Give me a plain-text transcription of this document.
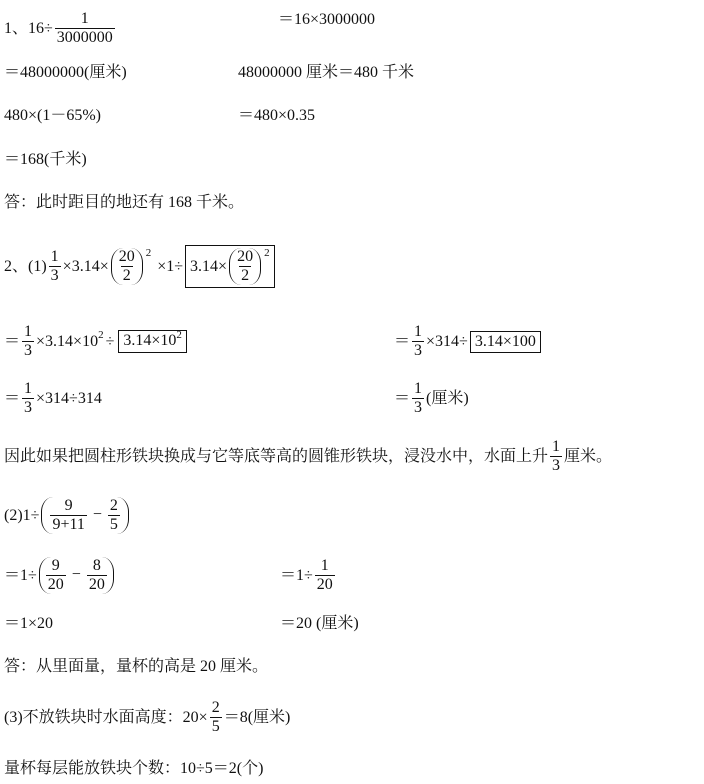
1、$16\div \frac{1}{3000000}$	＝16×3000000
＝48000000(厘米)	48000000 厘米＝480 千米
480×(1－65%)	＝480×0.35
＝168(千米)
答：此时距目的地还有 168 千米。
2、$(1) \frac{1}{3} \times 3.14 \times \frac{20}{2} 2$
$\times 1\div 3.14 \times \frac{20}{2} 2$
＝ $\frac{1}{3} \times 3.14\times 10$ $2 \div 3.14\times 10^2$	＝ $\frac{1}{3} \times 314\div 3.14\times 100$
＝ $\frac{1}{3} \times 314\div 314$	＝ $\frac{1}{3}$ (厘米)
因此如果把圆柱形铁块换成与它等底等高的圆锥形铁块，浸没水中，水面上升 $\frac{1}{3}$ 厘米。
$(2)1\div \frac{9}{9+11} - \frac{2}{5}$
$=1\div \frac{9}{20} - \frac{8}{20}$	$=1\div \frac{1}{20}$
＝1×20	＝20 (厘米)
答：从里面量，量杯的高是 20 厘米。
(3)不放铁块时水面高度：$20\times \frac{2}{5} =8$(厘米)
量杯每层能放铁块个数：10÷5＝2(个)
